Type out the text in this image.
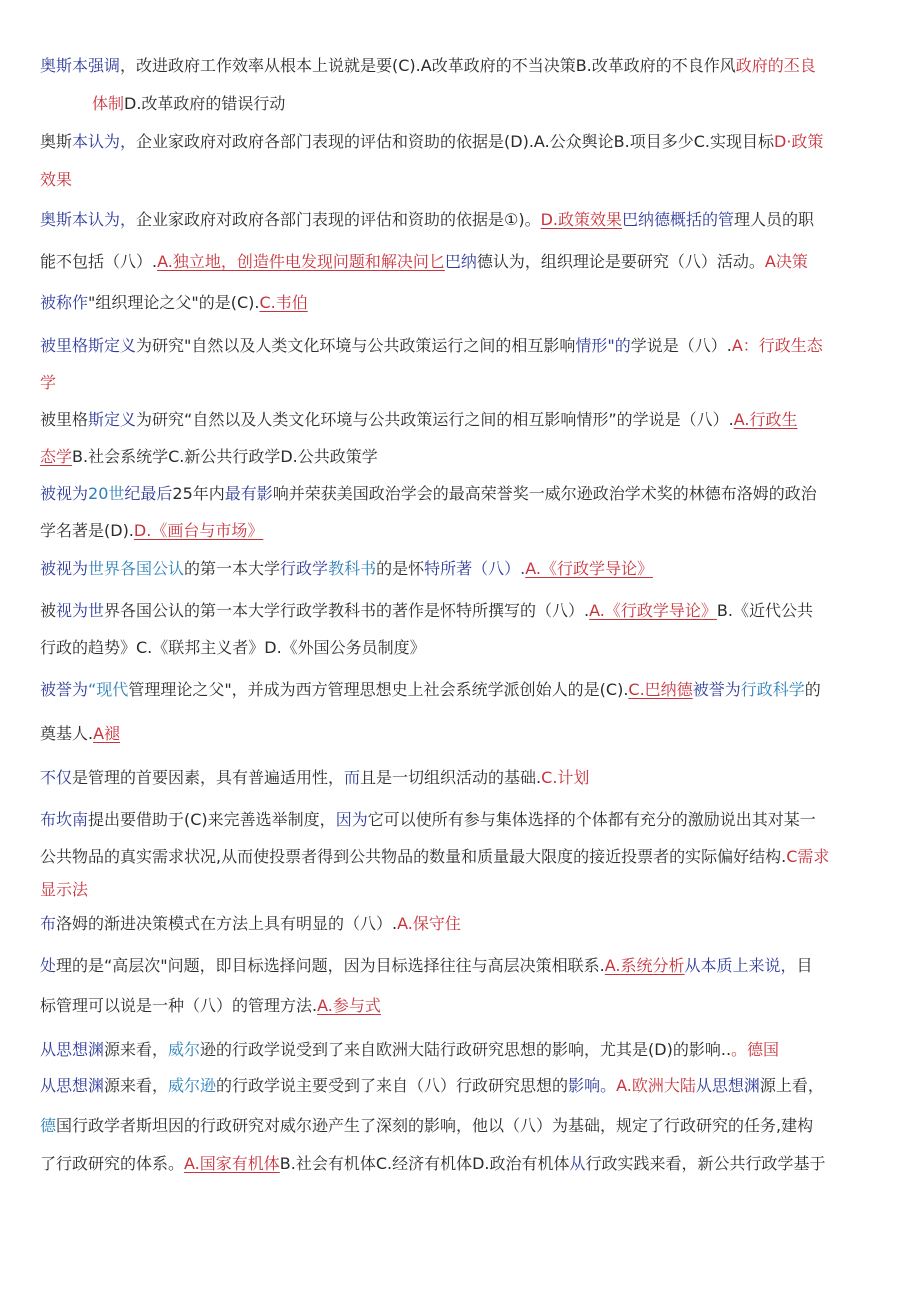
奥斯本强调，改进政府工作效率从根本上说就是要(C).A改革政府的不当决策B.改革政府的不良作风政府的丕良
体制D.改革政府的错误行动
奥斯本认为，企业家政府对政府各部门表现的评估和资助的依据是(D).A.公众舆论B.项目多少C.实现目标D·政策
效果
奥斯本认为，企业家政府对政府各部门表现的评估和资助的依据是①)。D.政策效果巴纳德概括的管理人员的职
能不包括（八）.A.独立地，创造件电发现问题和解决问匕巴纳德认为，组织理论是要研究（八）活动。A决策
被称作"组织理论之父"的是(C).C.韦伯
被里格斯定义为研究"自然以及人类文化环境与公共政策运行之间的相互影响情形"的学说是（八）.A：行政生态
学
被里格斯定义为研究“自然以及人类文化环境与公共政策运行之间的相互影响情形”的学说是（八）.A.行政生
态学B.社会系统学C.新公共行政学D.公共政策学
被视为20世纪最后25年内最有影响并荣获美国政治学会的最高荣誉奖一威尔逊政治学术奖的林德布洛姆的政治
学名著是(D).D.《画台与市场》
被视为世界各国公认的第一本大学行政学教科书的是怀特所著（八）.A.《行政学导论》
被视为世界各国公认的第一本大学行政学教科书的著作是怀特所撰写的（八）.A.《行政学导论》B.《近代公共
行政的趋势》C.《联邦主义者》D.《外国公务员制度》
被誉为“现代管理理论之父"，并成为西方管理思想史上社会系统学派创始人的是(C).C.巴纳德被誉为行政科学的
奠基人.A褪
不仅是管理的首要因素，具有普遍适用性，而且是一切组织活动的基础.C.计划
布坎南提出要借助于(C)来完善选举制度，因为它可以使所有参与集体选择的个体都有充分的激励说出其对某一
公共物品的真实需求状况,从而使投票者得到公共物品的数量和质量最大限度的接近投票者的实际偏好结构.C需求
显示法
布洛姆的渐进决策模式在方法上具有明显的（八）.A.保守住
处理的是“高层次"问题，即目标选择问题，因为目标选择往往与高层决策相联系.A.系统分析从本质上来说，目
标管理可以说是一种（八）的管理方法.A.参与式
从思想渊源来看，威尔逊的行政学说受到了来自欧洲大陆行政研究思想的影响，尤其是(D)的影响..。德国
从思想渊源来看，威尔逊的行政学说主要受到了来自（八）行政研究思想的影响。A.欧洲大陆从思想渊源上看，
德国行政学者斯坦因的行政研究对威尔逊产生了深刻的影响，他以（八）为基础，规定了行政研究的任务,建构
了行政研究的体系。A.国家有机体B.社会有机体C.经济有机体D.政治有机体从行政实践来看，新公共行政学基于
